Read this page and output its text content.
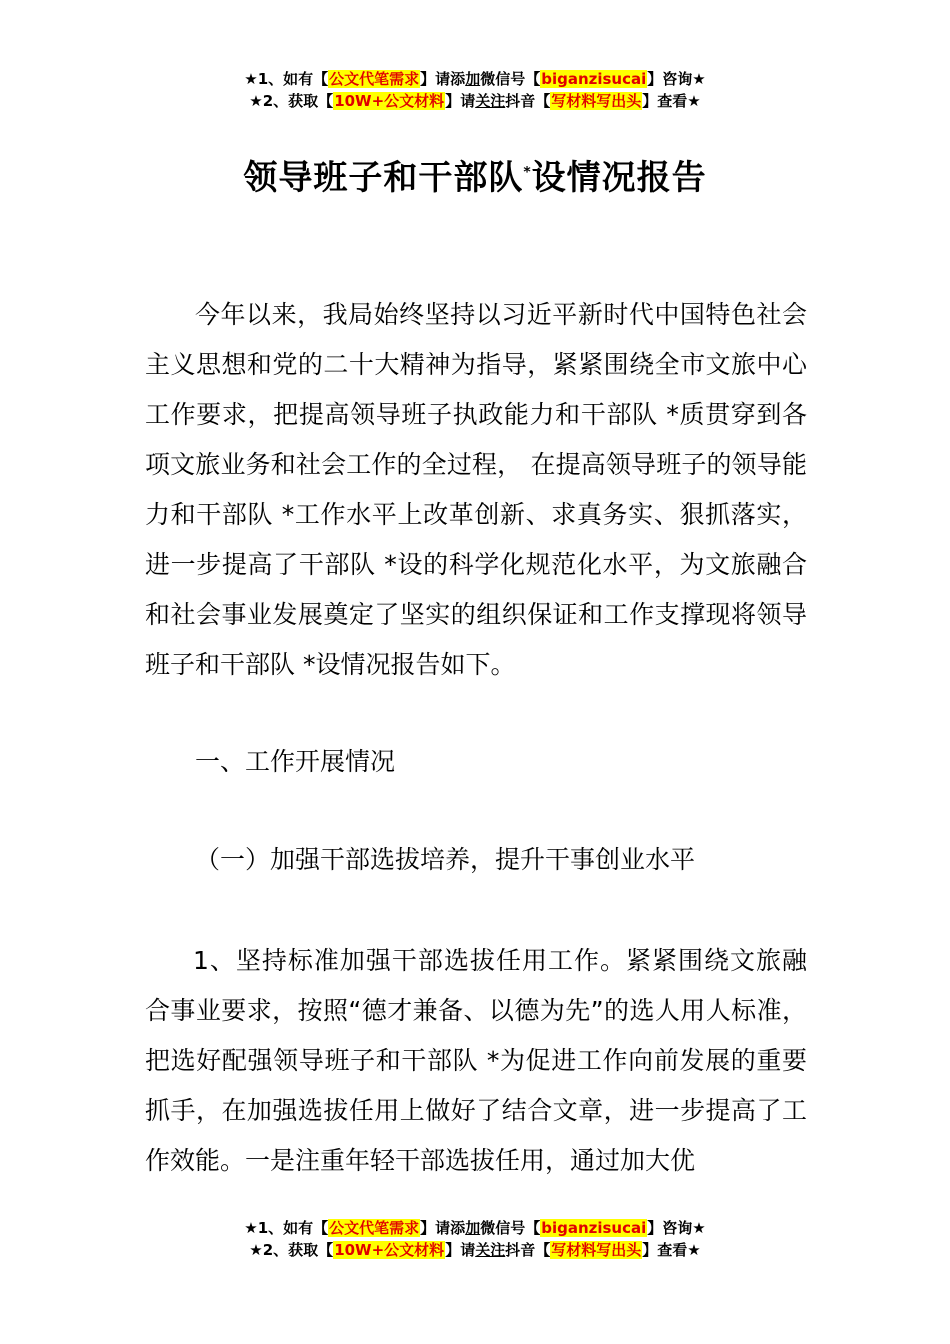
★1、如有【公文代笔需求】请添加微信号【biganzisucai】咨询★
★2、获取【10W+公文材料】请关注抖音【写材料写出头】查看★
领导班子和干部队*设情况报告

今年以来，我局始终坚持以习近平新时代中国特色社会主义思想和党的二十大精神为指导，紧紧围绕全市文旅中心工作要求，把提高领导班子执政能力和干部队 *质贯穿到各项文旅业务和社会工作的全过程， 在提高领导班子的领导能力和干部队 *工作水平上改革创新、求真务实、狠抓落实，进一步提高了干部队 *设的科学化规范化水平，为文旅融合和社会事业发展奠定了坚实的组织保证和工作支撑现将领导班子和干部队 *设情况报告如下。

一、工作开展情况

（一）加强干部选拔培养，提升干事创业水平

1、坚持标准加强干部选拔任用工作。紧紧围绕文旅融合事业要求，按照“德才兼备、以德为先”的选人用人标准，把选好配强领导班子和干部队 *为促进工作向前发展的重要抓手，在加强选拔任用上做好了结合文章，进一步提高了工作效能。一是注重年轻干部选拔任用，通过加大优

★1、如有【公文代笔需求】请添加微信号【biganzisucai】咨询★
★2、获取【10W+公文材料】请关注抖音【写材料写出头】查看★
